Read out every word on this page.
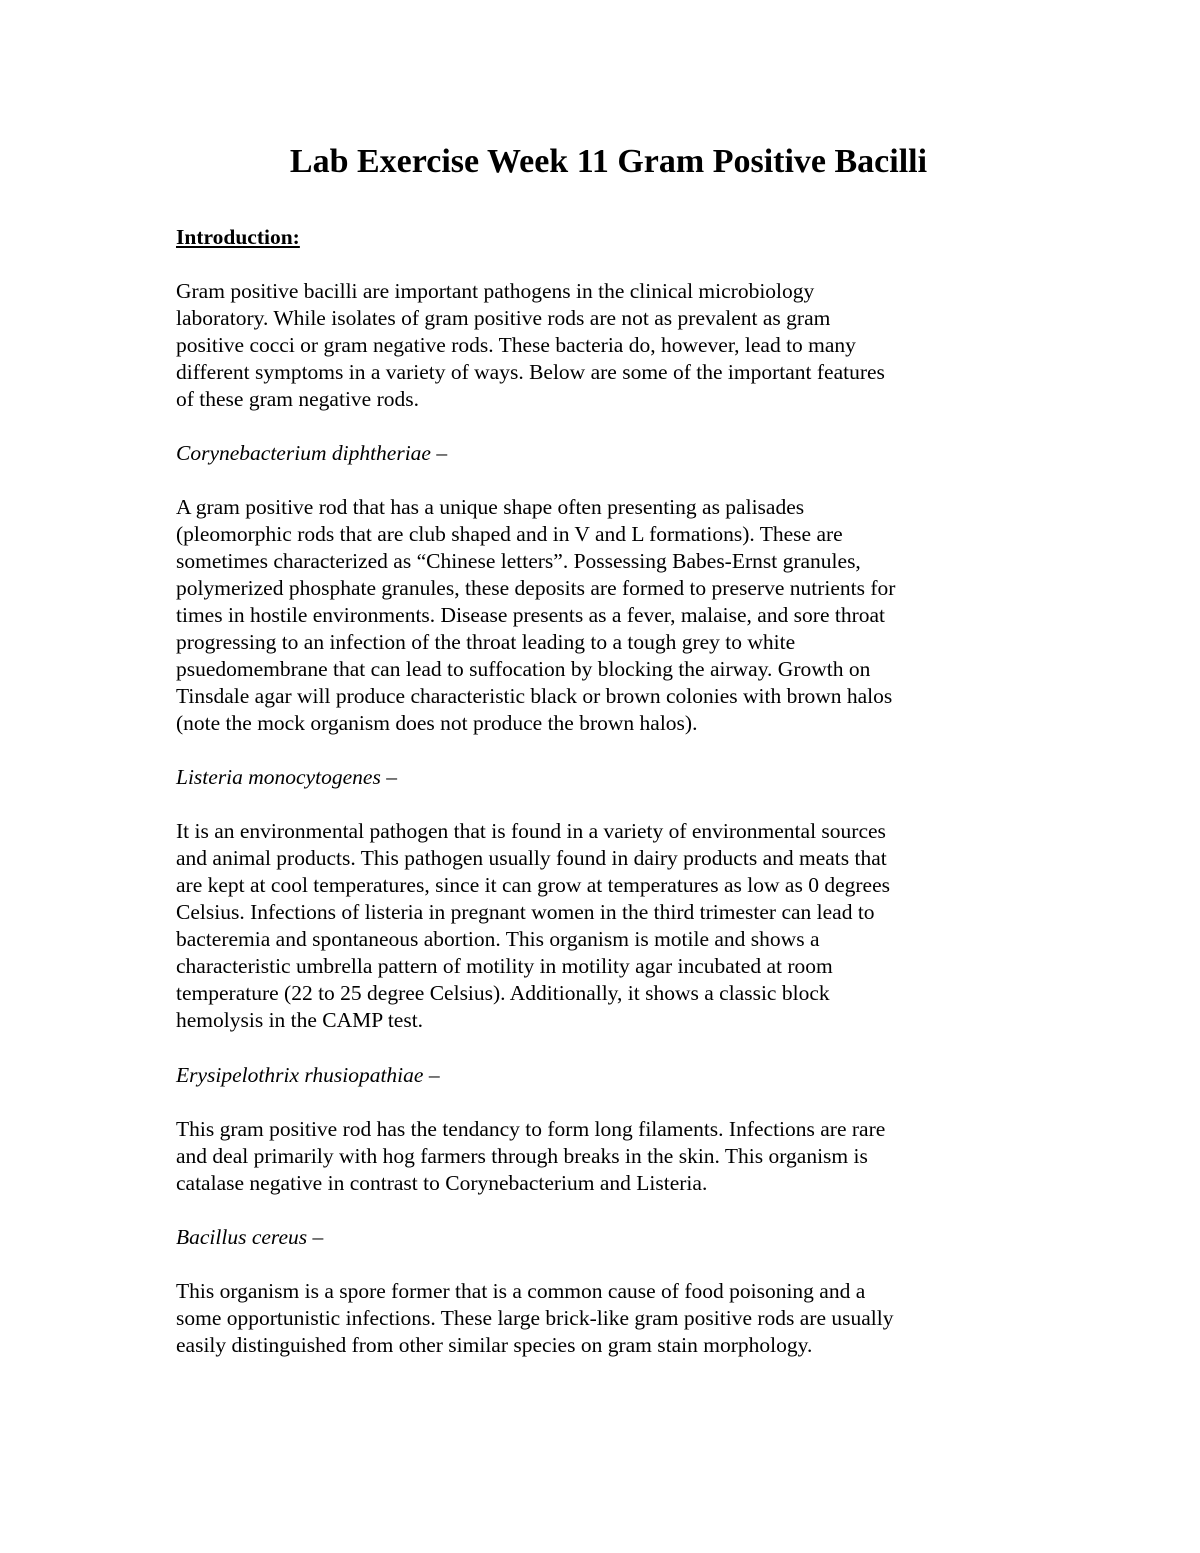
Lab Exercise Week 11 Gram Positive Bacilli

Introduction:

Gram positive bacilli are important pathogens in the clinical microbiology
laboratory. While isolates of gram positive rods are not as prevalent as gram
positive cocci or gram negative rods. These bacteria do, however, lead to many
different symptoms in a variety of ways. Below are some of the important features
of these gram negative rods.

Corynebacterium diphtheriae –

A gram positive rod that has a unique shape often presenting as palisades
(pleomorphic rods that are club shaped and in V and L formations). These are
sometimes characterized as “Chinese letters”. Possessing Babes-Ernst granules,
polymerized phosphate granules, these deposits are formed to preserve nutrients for
times in hostile environments. Disease presents as a fever, malaise, and sore throat
progressing to an infection of the throat leading to a tough grey to white
psuedomembrane that can lead to suffocation by blocking the airway. Growth on
Tinsdale agar will produce characteristic black or brown colonies with brown halos
(note the mock organism does not produce the brown halos).

Listeria monocytogenes –

It is an environmental pathogen that is found in a variety of environmental sources
and animal products. This pathogen usually found in dairy products and meats that
are kept at cool temperatures, since it can grow at temperatures as low as 0 degrees
Celsius. Infections of listeria in pregnant women in the third trimester can lead to
bacteremia and spontaneous abortion. This organism is motile and shows a
characteristic umbrella pattern of motility in motility agar incubated at room
temperature (22 to 25 degree Celsius). Additionally, it shows a classic block
hemolysis in the CAMP test.

Erysipelothrix rhusiopathiae –

This gram positive rod has the tendancy to form long filaments. Infections are rare
and deal primarily with hog farmers through breaks in the skin. This organism is
catalase negative in contrast to Corynebacterium and Listeria.

Bacillus cereus –

This organism is a spore former that is a common cause of food poisoning and a
some opportunistic infections. These large brick-like gram positive rods are usually
easily distinguished from other similar species on gram stain morphology.
